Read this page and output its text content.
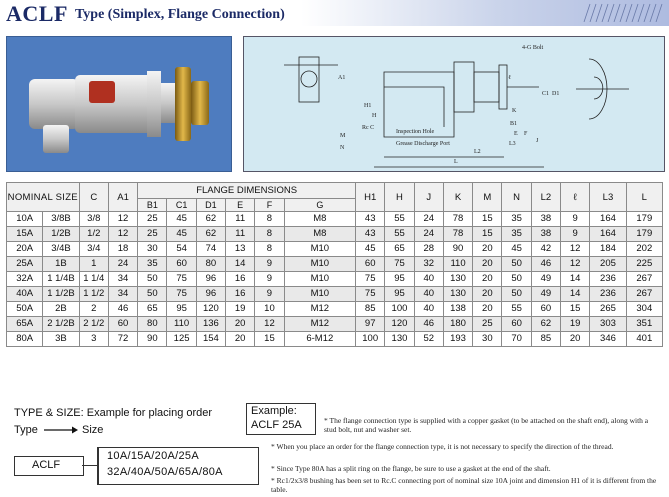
ACLF Type (Simplex, Flange Connection)
4-G Bolt
Rc C
Inspection Hole
Grease Discharge Port
H1
H
K
C1 D1
M
N
B1
E F
L
L2
L3
A1
J
ℓ
NOMINAL SIZE		C	A1	FLANGE DIMENSIONS						H1	H	J	K	M	N	L2	ℓ	L3	L
				B1	C1	D1	E	F	G										
10A	3/8B	3/8	12	25	45	62	11	8	M8	43	55	24	78	15	35	38	9	164	179
15A	1/2B	1/2	12	25	45	62	11	8	M8	43	55	24	78	15	35	38	9	164	179
20A	3/4B	3/4	18	30	54	74	13	8	M10	45	65	28	90	20	45	42	12	184	202
25A	1B	1	24	35	60	80	14	9	M10	60	75	32	110	20	50	46	12	205	225
32A	1 1/4B	1 1/4	34	50	75	96	16	9	M10	75	95	40	130	20	50	49	14	236	267
40A	1 1/2B	1 1/2	34	50	75	96	16	9	M10	75	95	40	130	20	50	49	14	236	267
50A	2B	2	46	65	95	120	19	10	M12	85	100	40	138	20	55	60	15	265	304
65A	2 1/2B	2 1/2	60	80	110	136	20	12	M12	97	120	46	180	25	60	62	19	303	351
80A	3B	3	72	90	125	154	20	15	6-M12	100	130	52	193	30	70	85	20	346	401
TYPE & SIZE: Example for placing order
Type	Size
Example:
ACLF 25A	* The flange connection type is supplied with a copper gasket (to be attached on the shaft end), along with a stud bolt, nut and washer set.
* When you place an order for the flange connection type, it is not necessary to specify the direction of the thread.
* Since Type 80A has a split ring on the flange, be sure to use a gasket at the end of the shaft.
* Rc1/2x3/8 bushing has been set to Rc.C connecting port of nominal size 10A joint and dimension H1 of it is different from the table.
ACLF
10A/15A/20A/25A
32A/40A/50A/65A/80A
